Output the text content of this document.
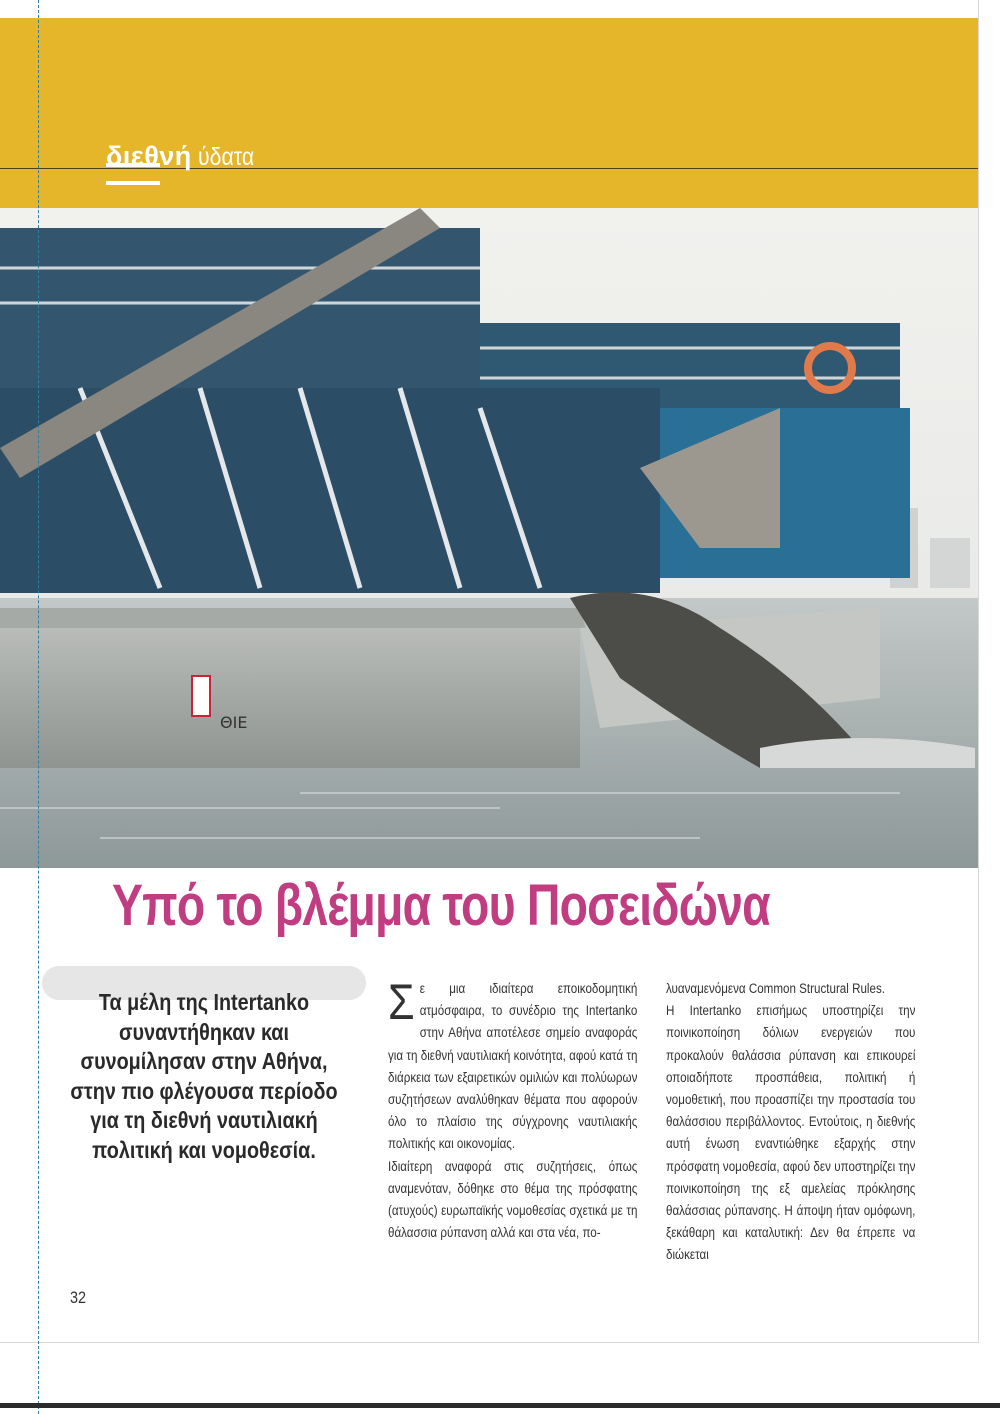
διεθνή ύδατα
ΘΙΕ
Υπό το βλέμμα του Ποσειδώνα
Τα μέλη της Intertanko συναντήθηκαν και συνομίλησαν στην Αθήνα, στην πιο φλέγουσα περίοδο για τη διεθνή ναυτιλιακή πολιτική και νομοθεσία.

Σε μια ιδιαίτερα εποικοδομητική ατμόσφαιρα, το συνέδριο της Intertanko στην Αθήνα αποτέλεσε σημείο αναφοράς για τη διεθνή ναυτιλιακή κοινότητα, αφού κατά τη διάρκεια των εξαιρετικών ομιλιών και πολύωρων συζητήσεων αναλύθηκαν θέματα που αφορούν όλο το πλαίσιο της σύγχρονης ναυτιλιακής πολιτικής και οικονομίας.

Ιδιαίτερη αναφορά στις συζητήσεις, όπως αναμενόταν, δόθηκε στο θέμα της πρόσφατης (ατυχούς) ευρωπαϊκής νομοθεσίας σχετικά με τη θάλασσια ρύπανση αλλά και στα νέα, πο-

λυαναμενόμενα Common Structural Rules.

Η Intertanko επισήμως υποστηρίζει την ποινικοποίηση δόλιων ενεργειών που προκαλούν θαλάσσια ρύπανση και επικουρεί οποιαδήποτε προσπάθεια, πολιτική ή νομοθετική, που προασπίζει την προστασία του θαλάσσιου περιβάλλοντος. Εντούτοις, η διεθνής αυτή ένωση εναντιώθηκε εξαρχής στην πρόσφατη νομοθεσία, αφού δεν υποστηρίζει την ποινικοποίηση της εξ αμελείας πρόκλησης θαλάσσιας ρύπανσης. Η άποψη ήταν ομόφωνη, ξεκάθαρη και καταλυτική: Δεν θα έπρεπε να διώκεται

32
